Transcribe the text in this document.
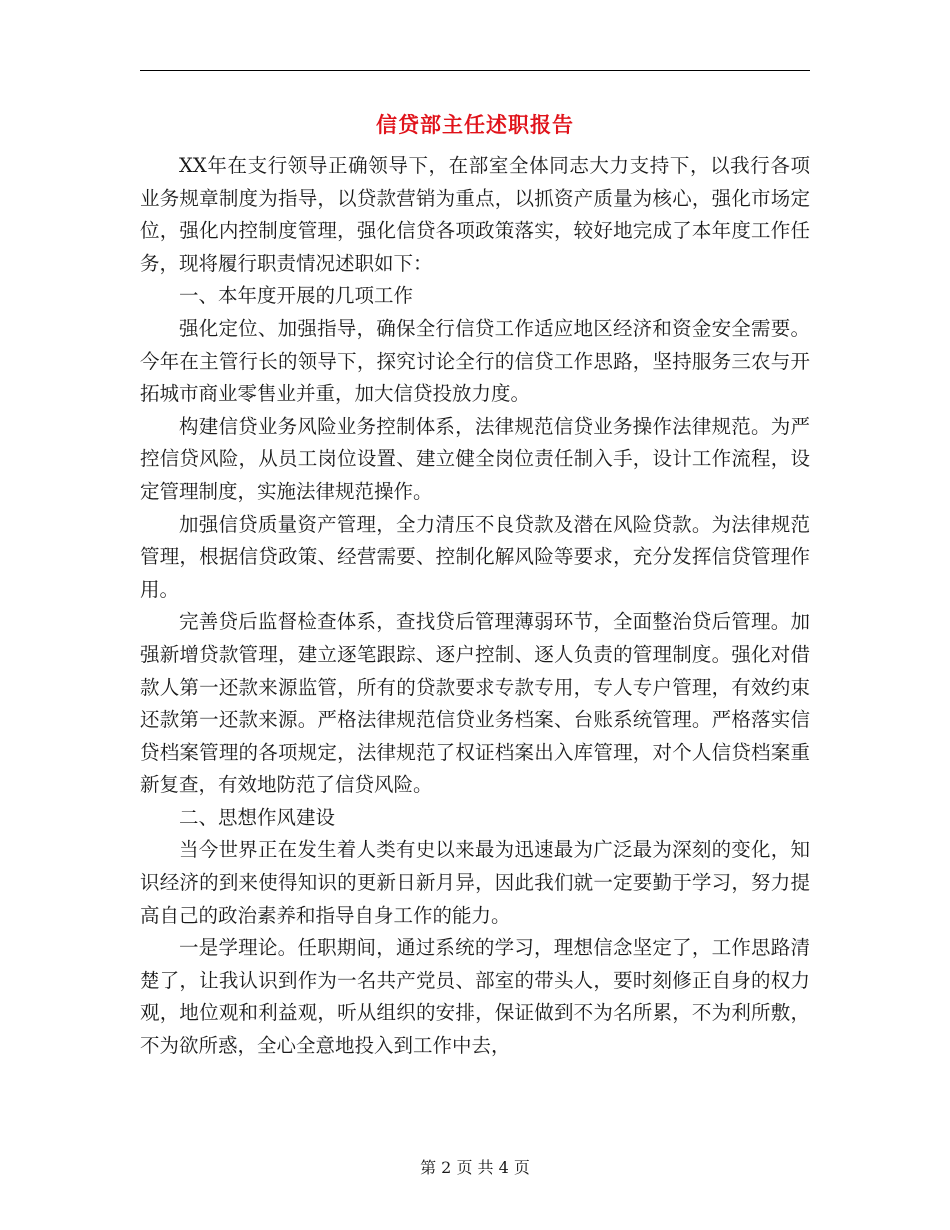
信贷部主任述职报告

XX年在支行领导正确领导下，在部室全体同志大力支持下，以我行各项业务规章制度为指导，以贷款营销为重点，以抓资产质量为核心，强化市场定位，强化内控制度管理，强化信贷各项政策落实，较好地完成了本年度工作任务，现将履行职责情况述职如下：

一、本年度开展的几项工作

强化定位、加强指导，确保全行信贷工作适应地区经济和资金安全需要。今年在主管行长的领导下，探究讨论全行的信贷工作思路，坚持服务三农与开拓城市商业零售业并重，加大信贷投放力度。

构建信贷业务风险业务控制体系，法律规范信贷业务操作法律规范。为严控信贷风险，从员工岗位设置、建立健全岗位责任制入手，设计工作流程，设定管理制度，实施法律规范操作。

加强信贷质量资产管理，全力清压不良贷款及潜在风险贷款。为法律规范管理，根据信贷政策、经营需要、控制化解风险等要求，充分发挥信贷管理作用。

完善贷后监督检查体系，查找贷后管理薄弱环节，全面整治贷后管理。加强新增贷款管理，建立逐笔跟踪、逐户控制、逐人负责的管理制度。强化对借款人第一还款来源监管，所有的贷款要求专款专用，专人专户管理，有效约束还款第一还款来源。严格法律规范信贷业务档案、台账系统管理。严格落实信贷档案管理的各项规定，法律规范了权证档案出入库管理，对个人信贷档案重新复查，有效地防范了信贷风险。

二、思想作风建设

当今世界正在发生着人类有史以来最为迅速最为广泛最为深刻的变化，知识经济的到来使得知识的更新日新月异，因此我们就一定要勤于学习，努力提高自己的政治素养和指导自身工作的能力。

一是学理论。任职期间，通过系统的学习，理想信念坚定了，工作思路清楚了，让我认识到作为一名共产党员、部室的带头人，要时刻修正自身的权力观，地位观和利益观，听从组织的安排，保证做到不为名所累，不为利所敷，不为欲所惑，全心全意地投入到工作中去，

第 2 页 共 4 页
